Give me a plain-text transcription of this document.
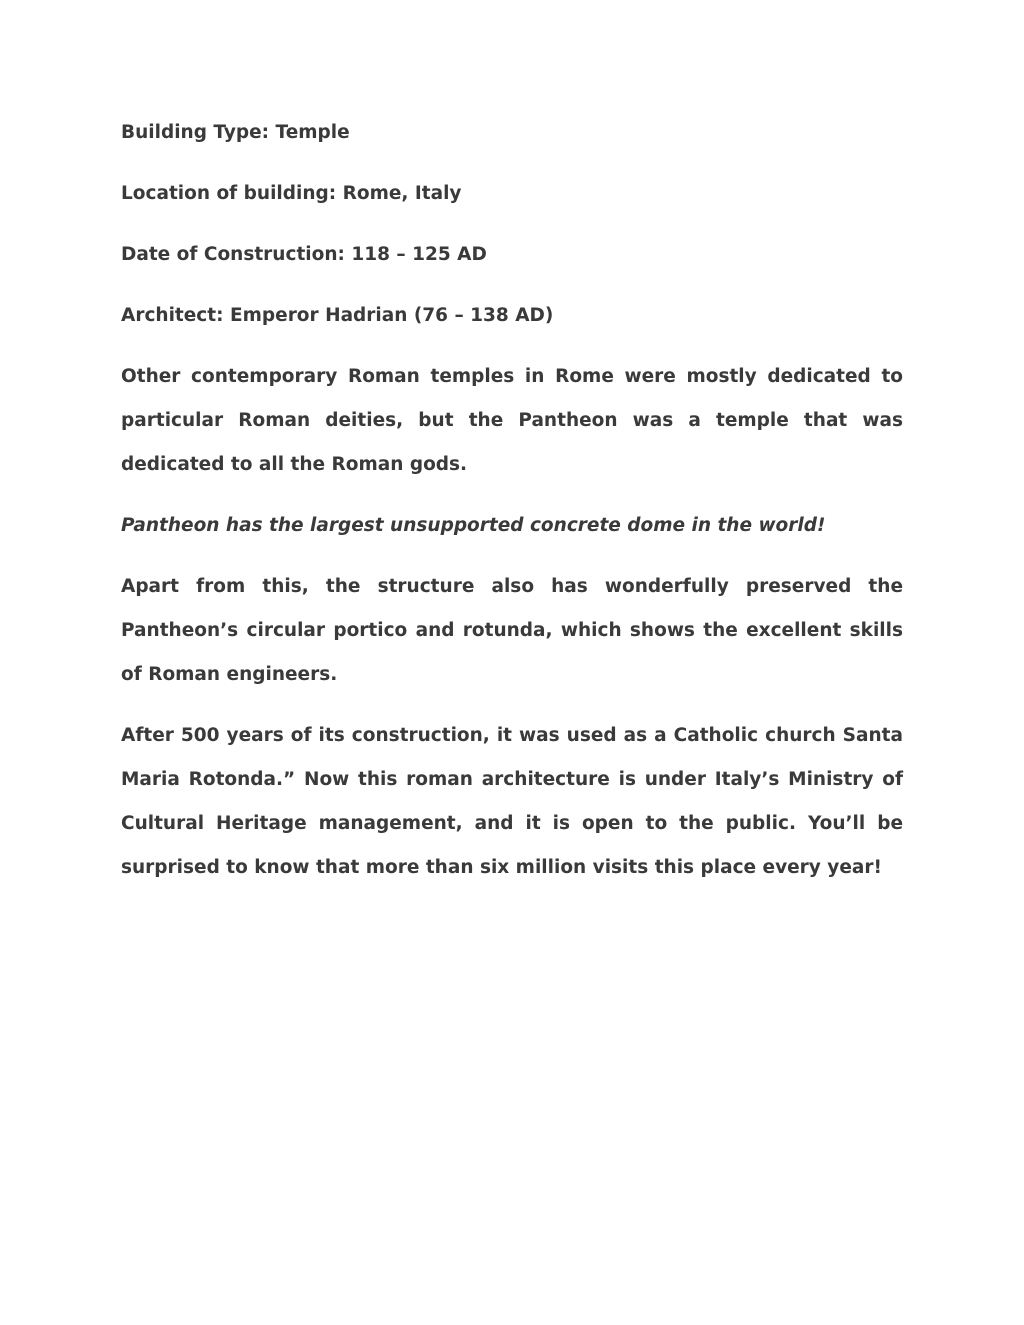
Building Type: Temple
Location of building: Rome, Italy
Date of Construction: 118 – 125 AD
Architect: Emperor Hadrian (76 – 138 AD)

Other contemporary Roman temples in Rome were mostly dedicated to particular Roman deities, but the Pantheon was a temple that was dedicated to all the Roman gods.

Pantheon has the largest unsupported concrete dome in the world!

Apart from this, the structure also has wonderfully preserved the Pantheon’s circular portico and rotunda, which shows the excellent skills of Roman engineers.

After 500 years of its construction, it was used as a Catholic church Santa Maria Rotonda.” Now this roman architecture is under Italy’s Ministry of Cultural Heritage management, and it is open to the public. You’ll be surprised to know that more than six million visits this place every year!
